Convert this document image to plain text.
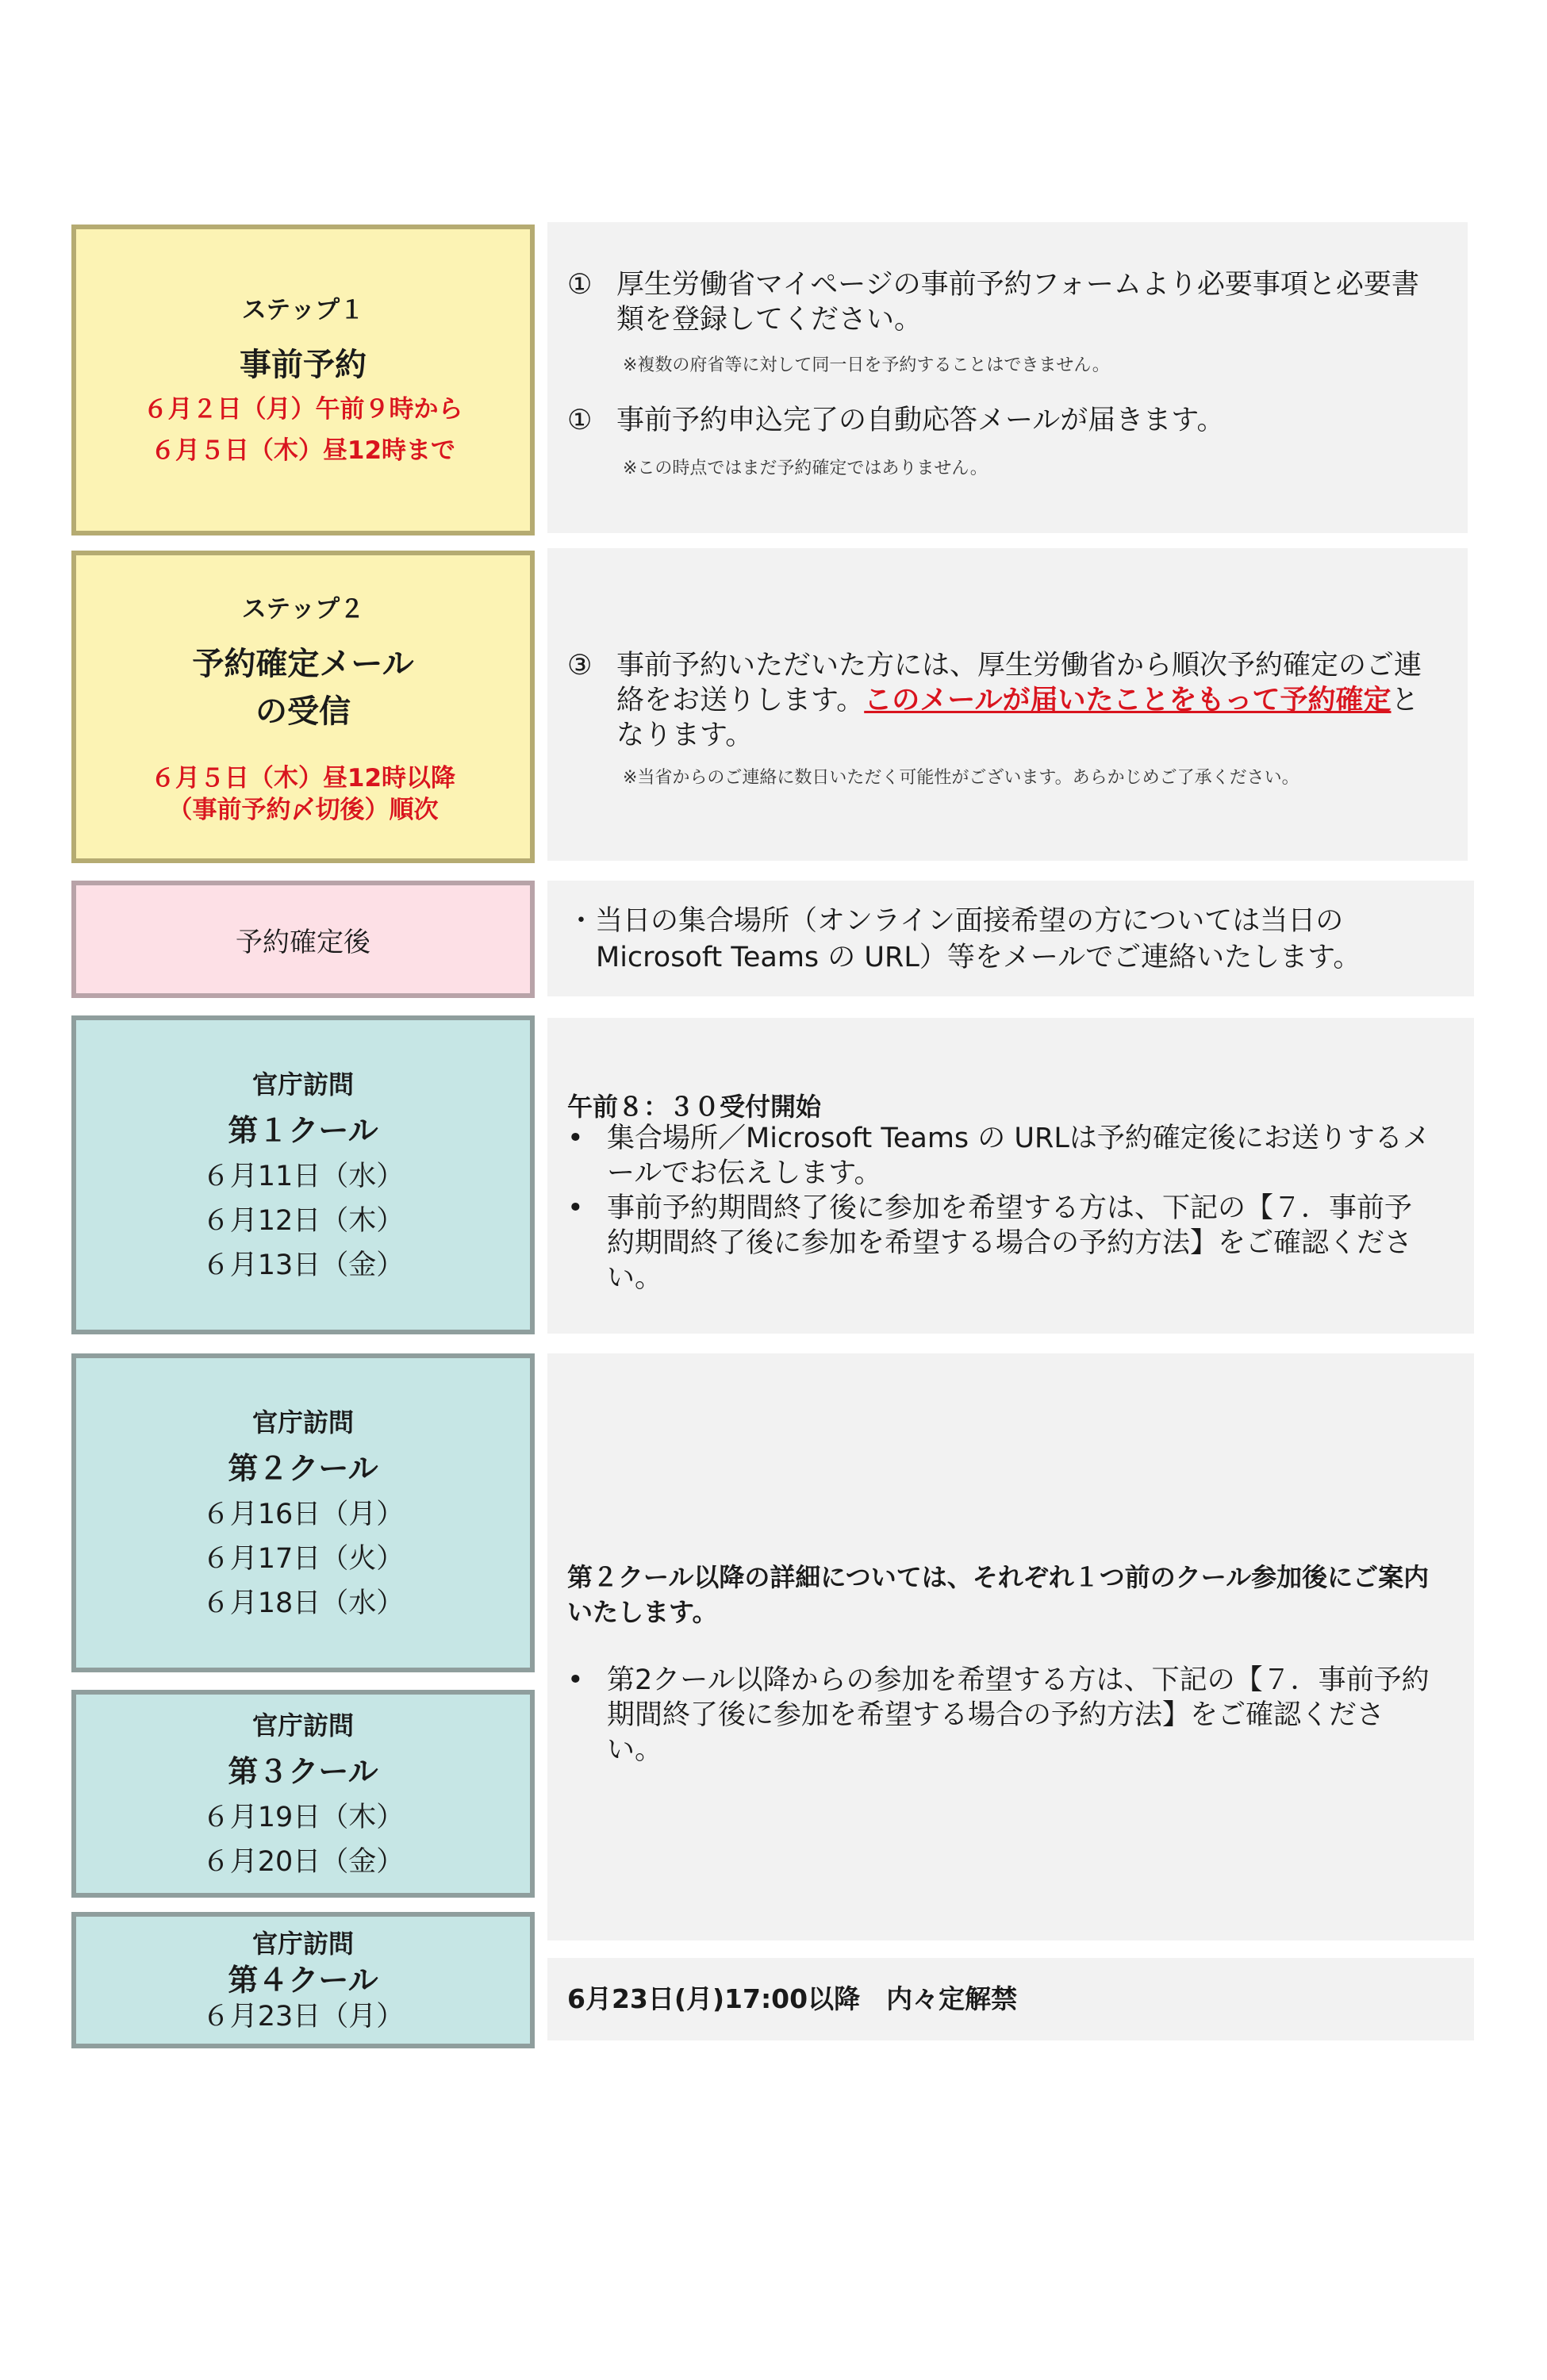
ステップ１
事前予約
６月２日（月）午前９時から
６月５日（木）昼12時まで
① 厚生労働省マイページの事前予約フォームより必要事項と必要書類を登録してください。
※複数の府省等に対して同一日を予約することはできません。
① 事前予約申込完了の自動応答メールが届きます。
※この時点ではまだ予約確定ではありません。
ステップ２
予約確定メール
の受信
６月５日（木）昼12時以降
（事前予約〆切後）順次
③ 事前予約いただいた方には、厚生労働省から順次予約確定のご連絡をお送りします。このメールが届いたことをもって予約確定となります。
※当省からのご連絡に数日いただく可能性がございます。あらかじめご了承ください。
予約確定後
・当日の集合場所（オンライン面接希望の方については当日のMicrosoft Teams の URL）等をメールでご連絡いたします。
官庁訪問
第１クール
６月11日（水）
６月12日（木）
６月13日（金）
午前８：３０受付開始
• 集合場所／Microsoft Teams の URLは予約確定後にお送りするメールでお伝えします。
• 事前予約期間終了後に参加を希望する方は、下記の【７．事前予約期間終了後に参加を希望する場合の予約方法】をご確認ください。
官庁訪問
第２クール
６月16日（月）
６月17日（火）
６月18日（水）
官庁訪問
第３クール
６月19日（木）
６月20日（金）
第２クール以降の詳細については、それぞれ１つ前のクール参加後にご案内いたします。
• 第2クール以降からの参加を希望する方は、下記の【７．事前予約期間終了後に参加を希望する場合の予約方法】をご確認ください。
官庁訪問
第４クール
６月23日（月）
6月23日(月)17:00以降　内々定解禁
